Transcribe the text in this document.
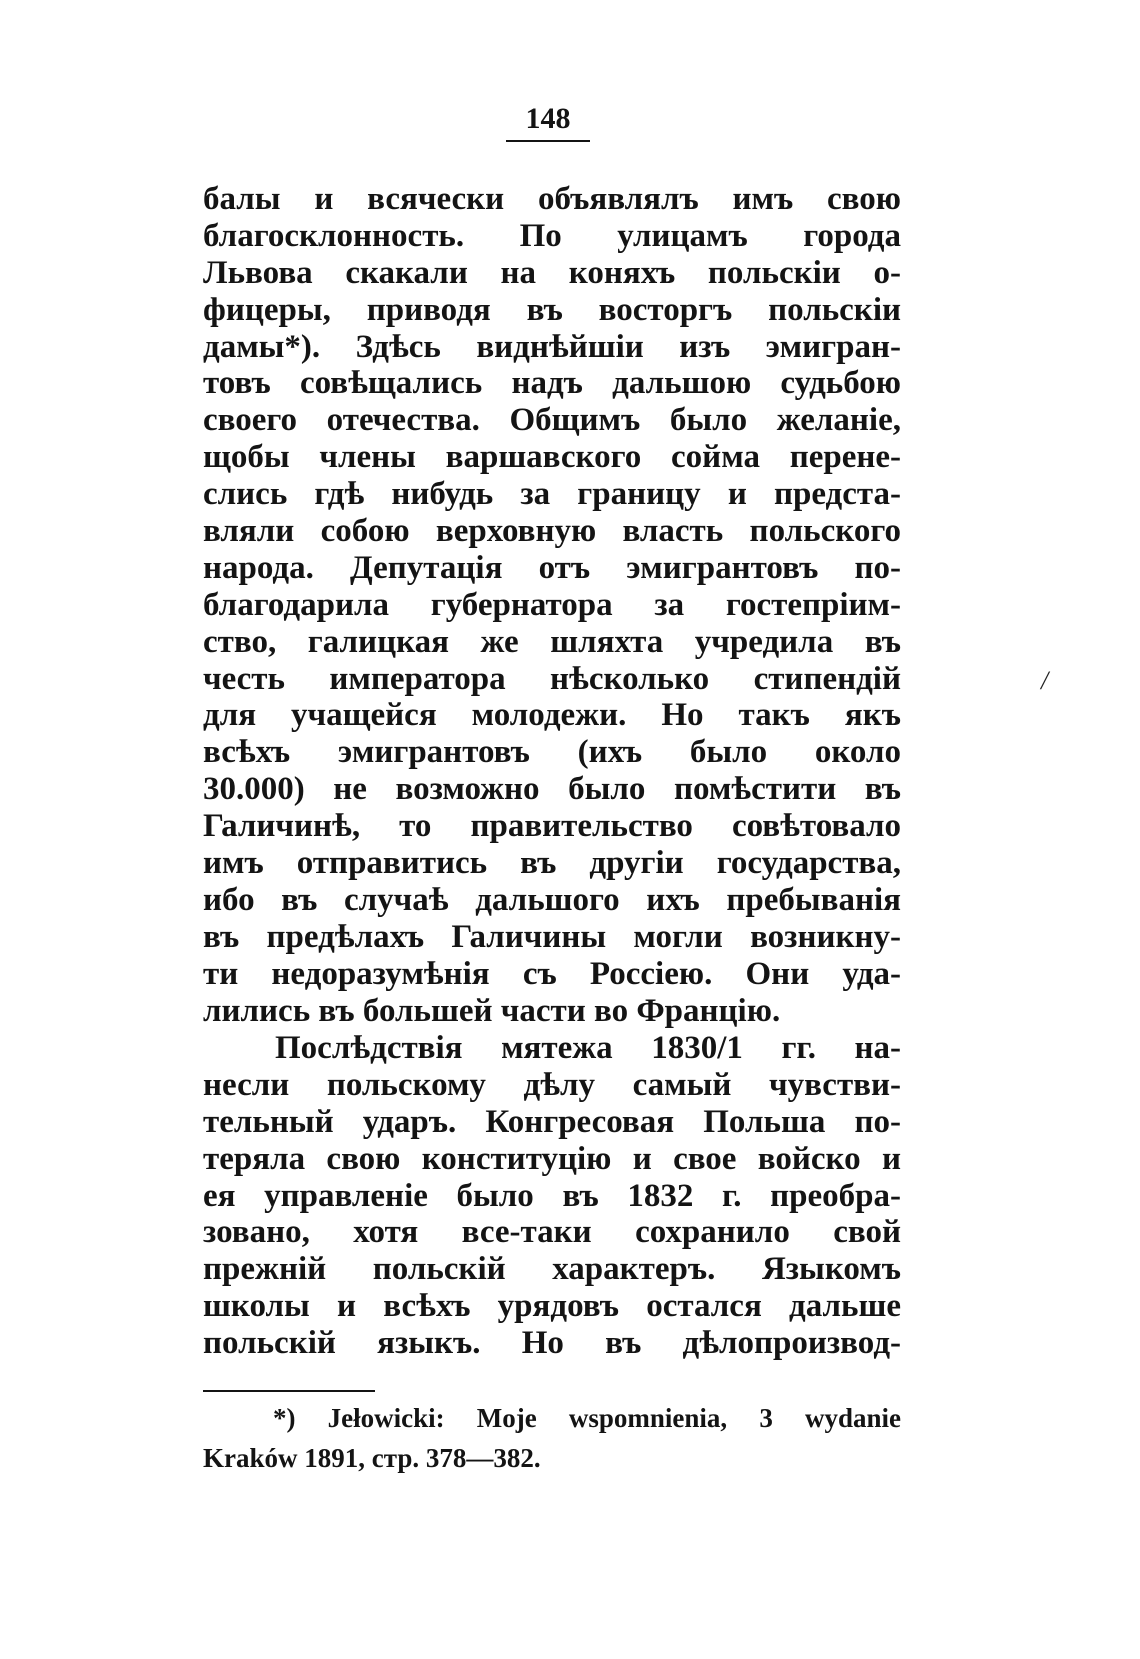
148
балы и всячески объявлялъ имъ свою
благосклонность. По улицамъ города
Львова скакали на коняхъ польскіи о-
фицеры, приводя въ восторгъ польскіи
дамы*). Здѣсь виднѣйшіи изъ эмигран-
товъ совѣщались надъ дальшою судьбою
своего отечества. Общимъ было желаніе,
щобы члены варшавского сойма перене-
слись гдѣ нибудь за границу и предста-
вляли собою верховную власть польского
народа. Депутація отъ эмигрантовъ по-
благодарила губернатора за гостепріим-
ство, галицкая же шляхта учредила въ
честь императора нѣсколько стипендій
для учащейся молодежи. Но такъ якъ
всѣхъ эмигрантовъ (ихъ было около
30.000) не возможно было помѣстити въ
Галичинѣ, то правительство совѣтовало
имъ отправитись въ другіи государства,
ибо въ случаѣ дальшого ихъ пребыванія
въ предѣлахъ Галичины могли возникну-
ти недоразумѣнія съ Россіею. Они уда-
лились въ большей части во Францію.
Послѣдствія мятежа 1830/1 гг. на-
несли польскому дѣлу самый чувстви-
тельный ударъ. Конгресовая Польша по-
теряла свою конституцію и свое войско и
ея управленіе было въ 1832 г. преобра-
зовано, хотя все-таки сохранило свой
прежній польскій характеръ. Языкомъ
школы и всѣхъ урядовъ остался дальше
польскій языкъ. Но въ дѣлопроизвод-
*) Jełowicki: Moje wspomnienia, 3 wydanie
Kraków 1891, стр. 378—382.
/
